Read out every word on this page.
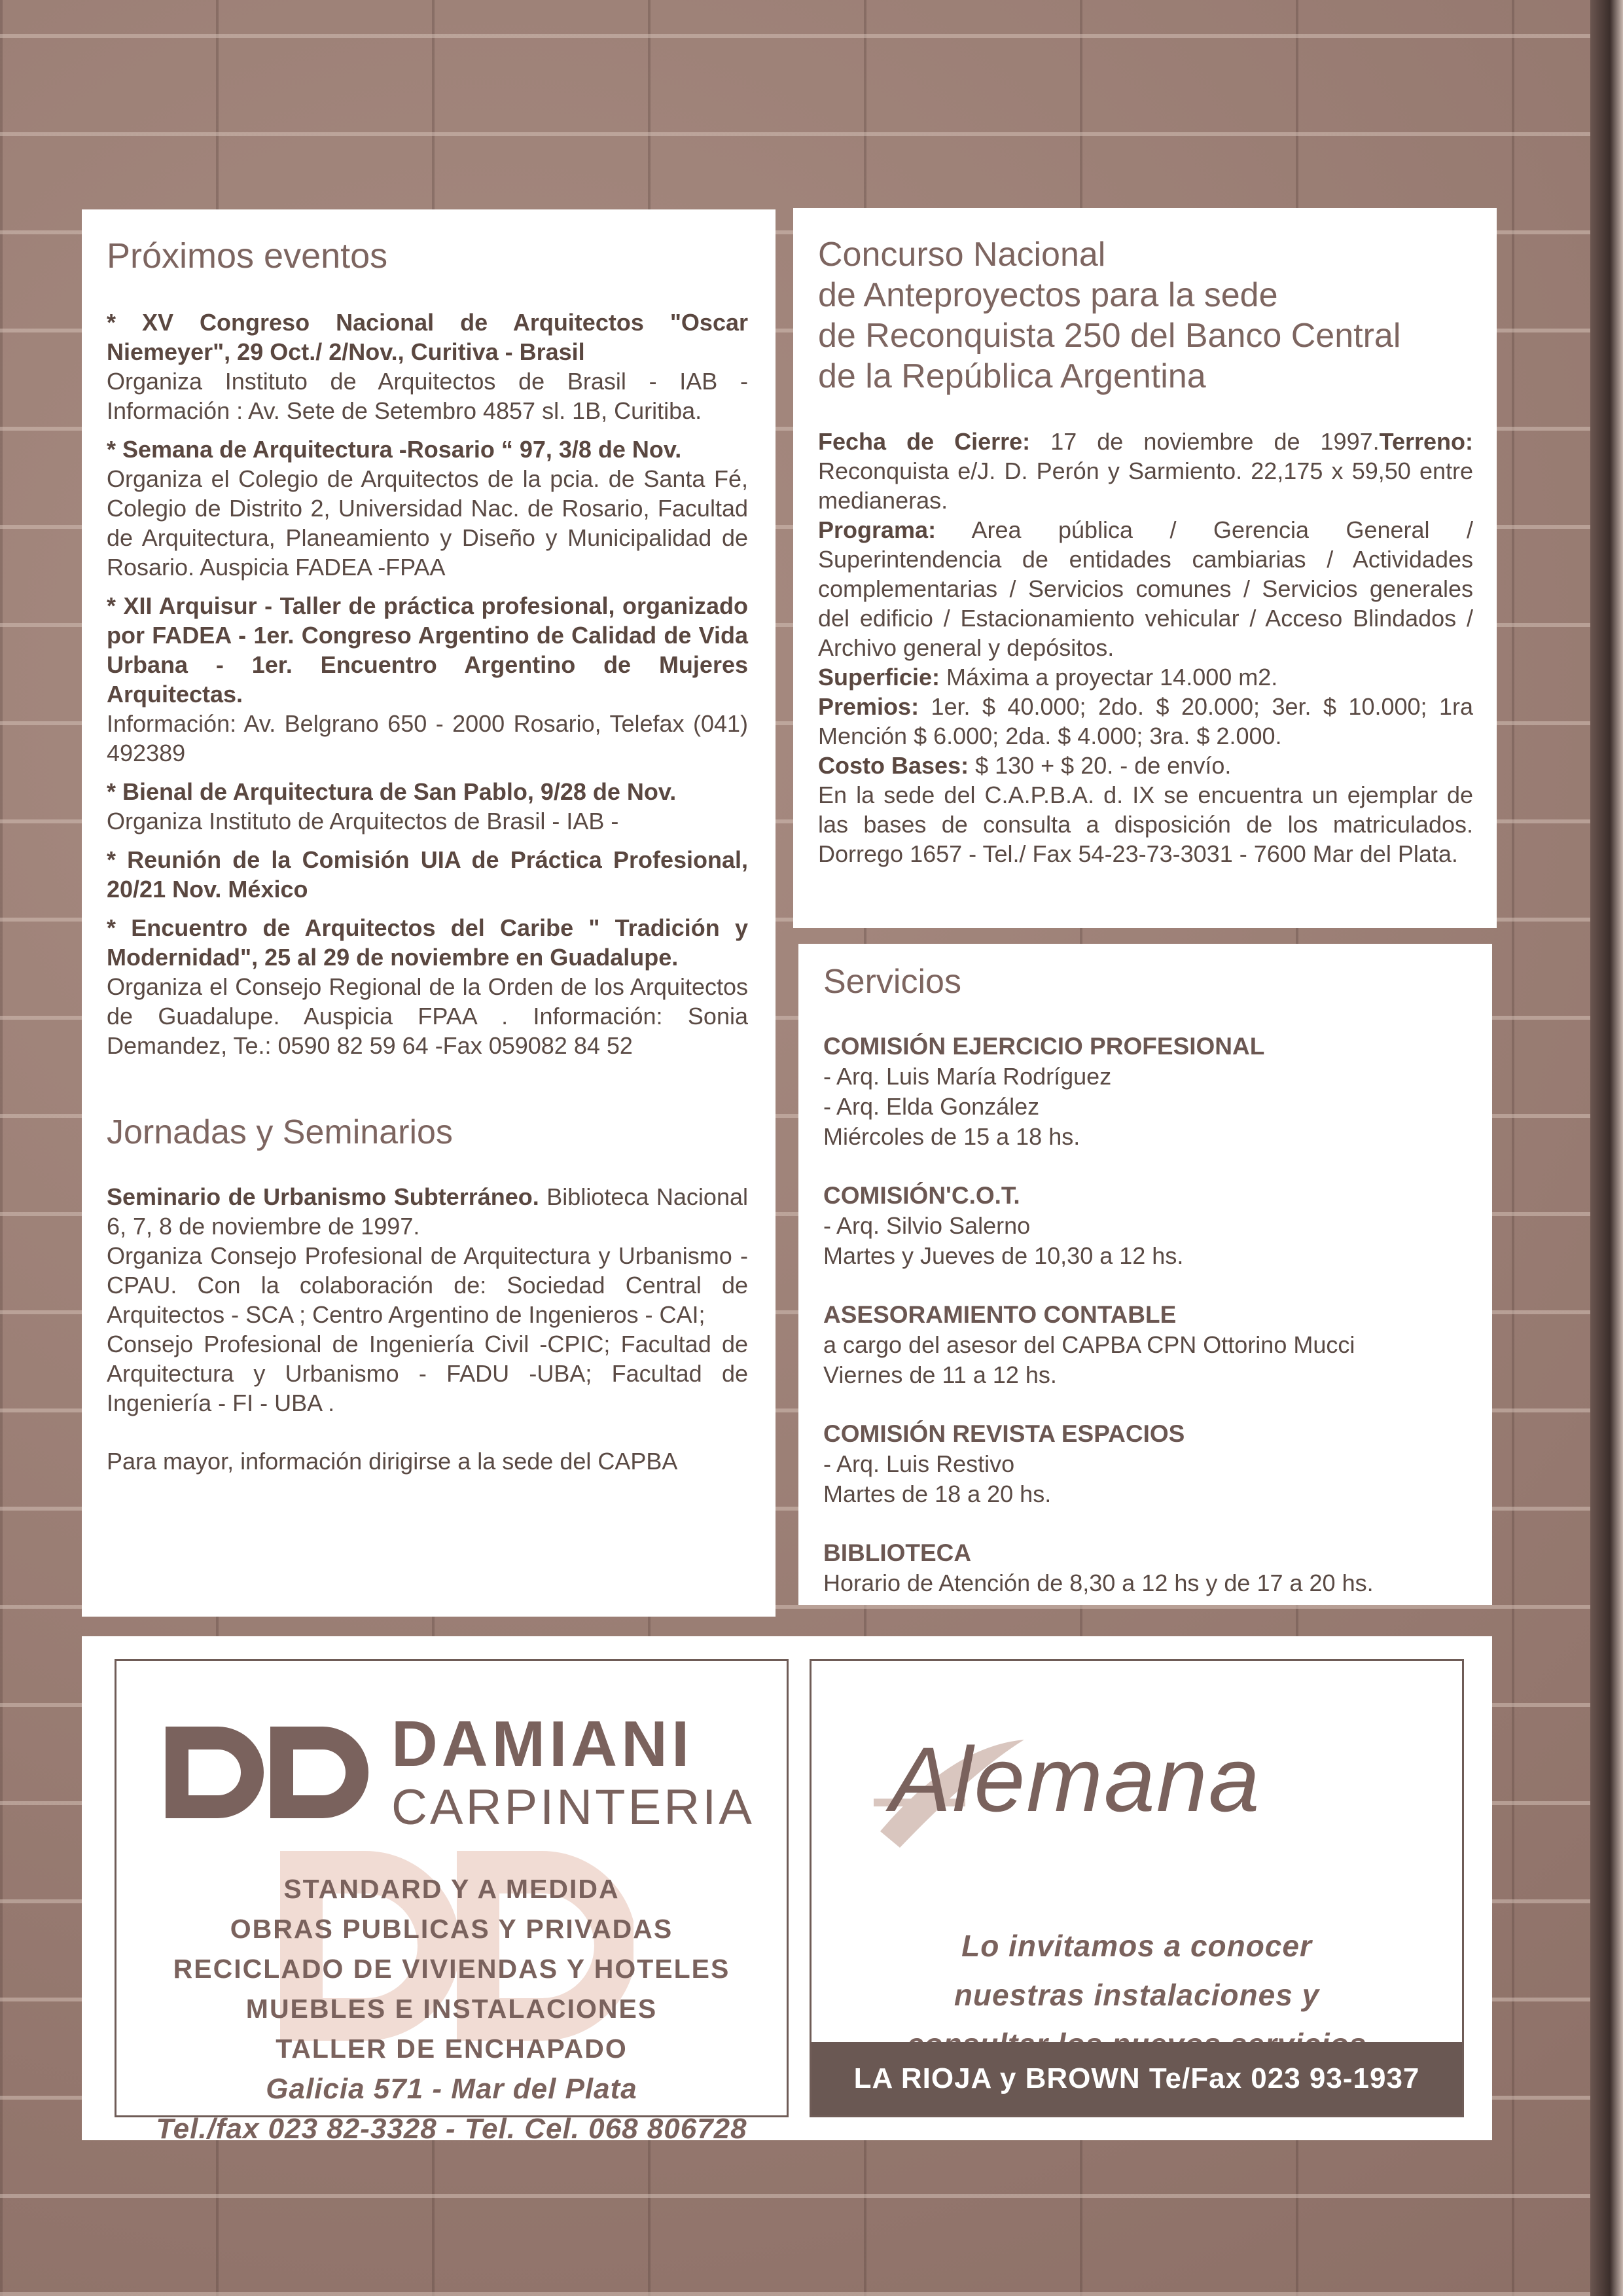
Próximos eventos

* XV Congreso Nacional de Arquitectos "Oscar Niemeyer", 29 Oct./ 2/Nov., Curitiva - Brasil
Organiza Instituto de Arquitectos de Brasil - IAB - Información : Av. Sete de Setembro 4857 sl. 1B, Curitiba.

* Semana de Arquitectura -Rosario “ 97, 3/8 de Nov.
Organiza el Colegio de Arquitectos de la pcia. de Santa Fé, Colegio de Distrito 2, Universidad Nac. de Rosario, Facultad de Arquitectura, Planeamiento y Diseño y Municipalidad de Rosario. Auspicia FADEA -FPAA

* XII Arquisur - Taller de práctica profesional, organizado por FADEA - 1er. Congreso Argentino de Calidad de Vida Urbana - 1er. Encuentro Argentino de Mujeres Arquitectas.
Información: Av. Belgrano 650 - 2000 Rosario, Telefax (041) 492389

* Bienal de Arquitectura de San Pablo, 9/28 de Nov.
Organiza Instituto de Arquitectos de Brasil - IAB -

* Reunión de la Comisión UIA de Práctica Profesional, 20/21 Nov. México

* Encuentro de Arquitectos del Caribe " Tradición y Modernidad", 25 al 29 de noviembre en Guadalupe.
Organiza el Consejo Regional de la Orden de los Arquitectos de Guadalupe. Auspicia FPAA . Información: Sonia Demandez, Te.: 0590 82 59 64 -Fax 059082 84 52

Jornadas y Seminarios

Seminario de Urbanismo Subterráneo. Biblioteca Nacional 6, 7, 8 de noviembre de 1997.
Organiza Consejo Profesional de Arquitectura y Urbanismo - CPAU. Con la colaboración de: Sociedad Central de Arquitectos - SCA ; Centro Argentino de Ingenieros - CAI;
Consejo Profesional de Ingeniería Civil -CPIC; Facultad de Arquitectura y Urbanismo - FADU -UBA; Facultad de Ingeniería - FI - UBA .

Para mayor, información dirigirse a la sede del CAPBA

Concurso Nacional
de Anteproyectos para la sede
de Reconquista 250 del Banco Central
de la República Argentina

Fecha de Cierre: 17 de noviembre de 1997.Terreno: Reconquista e/J. D. Perón y Sarmiento. 22,175 x 59,50 entre medianeras.
Programa: Area pública / Gerencia General / Superintendencia de entidades cambiarias / Actividades complementarias / Servicios comunes / Servicios generales del edificio / Estacionamiento vehicular / Acceso Blindados / Archivo general y depósitos.
Superficie: Máxima a proyectar 14.000 m2.
Premios: 1er. $ 40.000; 2do. $ 20.000; 3er. $ 10.000; 1ra Mención $ 6.000; 2da. $ 4.000; 3ra. $ 2.000.
Costo Bases: $ 130 + $ 20. - de envío.
En la sede del C.A.P.B.A. d. IX se encuentra un ejemplar de las bases de consulta a disposición de los matriculados. Dorrego 1657 - Tel./ Fax 54-23-73-3031 - 7600 Mar del Plata.

Servicios

COMISIÓN EJERCICIO PROFESIONAL

- Arq. Luis María Rodríguez

- Arq. Elda González

Miércoles de 15 a 18 hs.

COMISIÓN'C.O.T.

- Arq. Silvio Salerno

Martes y Jueves de 10,30 a 12 hs.

ASESORAMIENTO CONTABLE

a cargo del asesor del CAPBA CPN Ottorino Mucci

Viernes de 11 a 12 hs.

COMISIÓN REVISTA ESPACIOS

- Arq. Luis Restivo

Martes de 18 a 20 hs.

BIBLIOTECA

Horario de Atención de 8,30 a 12 hs y de 17 a 20 hs.

DAMIANI
CARPINTERIA
STANDARD Y A MEDIDA
OBRAS PUBLICAS Y PRIVADAS
RECICLADO DE VIVIENDAS Y HOTELES
MUEBLES E INSTALACIONES
TALLER DE ENCHAPADO
Galicia 571 - Mar del Plata
Tel./fax 023 82-3328 - Tel. Cel. 068 806728
Alemana
Lo invitamos a conocer
nuestras instalaciones y
LA RIOJA y BROWN Te/Fax 023 93-1937
